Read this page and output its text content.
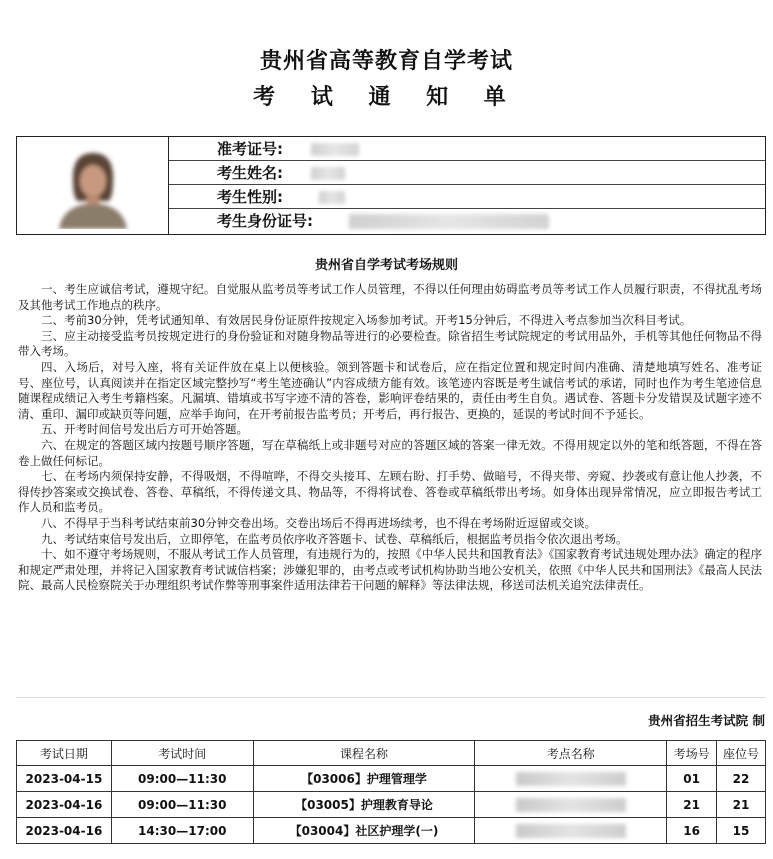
贵州省高等教育自学考试
考 试 通 知 单
准考证号:
考生姓名:
考生性别:
考生身份证号:
贵州省自学考试考场规则

一、考生应诚信考试，遵规守纪。自觉服从监考员等考试工作人员管理，不得以任何理由妨碍监考员等考试工作人员履行职责，不得扰乱考场及其他考试工作地点的秩序。

二、考前30分钟，凭考试通知单、有效居民身份证原件按规定入场参加考试。开考15分钟后，不得进入考点参加当次科目考试。

三、应主动接受监考员按规定进行的身份验证和对随身物品等进行的必要检查。除省招生考试院规定的考试用品外，手机等其他任何物品不得带入考场。

四、入场后，对号入座，将有关证件放在桌上以便核验。领到答题卡和试卷后，应在指定位置和规定时间内准确、清楚地填写姓名、准考证号、座位号，认真阅读并在指定区域完整抄写“考生笔迹确认”内容成绩方能有效。该笔迹内容既是考生诚信考试的承诺，同时也作为考生笔迹信息随课程成绩记入考生考籍档案。凡漏填、错填或书写字迹不清的答卷，影响评卷结果的，责任由考生自负。遇试卷、答题卡分发错误及试题字迹不清、重印、漏印或缺页等问题，应举手询问，在开考前报告监考员；开考后，再行报告、更换的，延误的考试时间不予延长。

五、开考时间信号发出后方可开始答题。

六、在规定的答题区域内按题号顺序答题，写在草稿纸上或非题号对应的答题区域的答案一律无效。不得用规定以外的笔和纸答题，不得在答卷上做任何标记。

七、在考场内须保持安静，不得吸烟，不得喧哗，不得交头接耳、左顾右盼、打手势、做暗号，不得夹带、旁窥、抄袭或有意让他人抄袭，不得传抄答案或交换试卷、答卷、草稿纸，不得传递文具、物品等，不得将试卷、答卷或草稿纸带出考场。如身体出现异常情况，应立即报告考试工作人员和监考员。

八、不得早于当科考试结束前30分钟交卷出场。交卷出场后不得再进场续考，也不得在考场附近逗留或交谈。

九、考试结束信号发出后，立即停笔，在监考员依序收齐答题卡、试卷、草稿纸后，根据监考员指令依次退出考场。

十、如不遵守考场规则，不服从考试工作人员管理，有违规行为的，按照《中华人民共和国教育法》《国家教育考试违规处理办法》确定的程序和规定严肃处理，并将记入国家教育考试诚信档案；涉嫌犯罪的，由考点或考试机构协助当地公安机关，依照《中华人民共和国刑法》《最高人民法院、最高人民检察院关于办理组织考试作弊等刑事案件适用法律若干问题的解释》等法律法规，移送司法机关追究法律责任。

贵州省招生考试院 制
考试日期	考试时间	课程名称	考点名称	考场号	座位号
2023-04-15	09:00—11:30	【03006】护理管理学		01	22
2023-04-16	09:00—11:30	【03005】护理教育导论		21	21
2023-04-16	14:30—17:00	【03004】社区护理学(一)		16	15
